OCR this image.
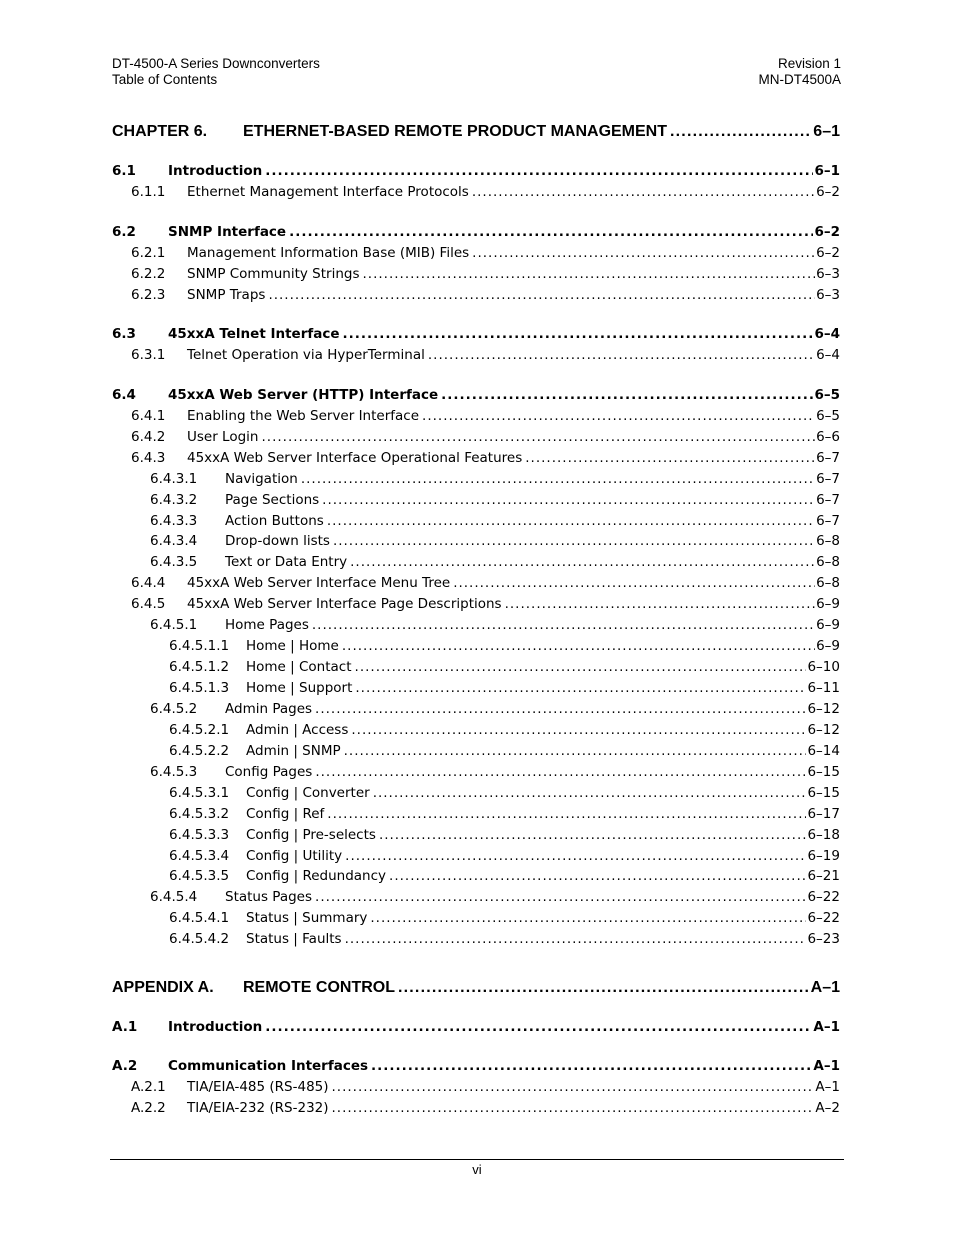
DT-4500-A Series Downconverters
Table of Contents
Revision 1
MN-DT4500A
CHAPTER 6.	ETHERNET-BASED REMOTE PRODUCT MANAGEMENT .....	6–1
6.1	Introduction .....	6–1
6.1.1	Ethernet Management Interface Protocols .....	6–2
6.2	SNMP Interface .....	6–2
6.2.1	Management Information Base (MIB) Files .....	6–2
6.2.2	SNMP Community Strings .....	6–3
6.2.3	SNMP Traps .....	6–3
6.3	45xxA Telnet Interface .....	6–4
6.3.1	Telnet Operation via HyperTerminal .....	6–4
6.4	45xxA Web Server (HTTP) Interface .....	6–5
6.4.1	Enabling the Web Server Interface .....	6–5
6.4.2	User Login .....	6–6
6.4.3	45xxA Web Server Interface Operational Features .....	6–7
6.4.3.1	Navigation .....	6–7
6.4.3.2	Page Sections .....	6–7
6.4.3.3	Action Buttons .....	6–7
6.4.3.4	Drop-down lists .....	6–8
6.4.3.5	Text or Data Entry .....	6–8
6.4.4	45xxA Web Server Interface Menu Tree .....	6–8
6.4.5	45xxA Web Server Interface Page Descriptions .....	6–9
6.4.5.1	Home Pages .....	6–9
6.4.5.1.1	Home | Home .....	6–9
6.4.5.1.2	Home | Contact .....	6–10
6.4.5.1.3	Home | Support .....	6–11
6.4.5.2	Admin Pages .....	6–12
6.4.5.2.1	Admin | Access .....	6–12
6.4.5.2.2	Admin | SNMP .....	6–14
6.4.5.3	Config Pages .....	6–15
6.4.5.3.1	Config | Converter .....	6–15
6.4.5.3.2	Config | Ref .....	6–17
6.4.5.3.3	Config | Pre-selects .....	6–18
6.4.5.3.4	Config | Utility .....	6–19
6.4.5.3.5	Config | Redundancy .....	6–21
6.4.5.4	Status Pages .....	6–22
6.4.5.4.1	Status | Summary .....	6–22
6.4.5.4.2	Status | Faults .....	6–23
APPENDIX A.	REMOTE CONTROL .....	A–1
A.1	Introduction .....	A–1
A.2	Communication Interfaces .....	A–1
A.2.1	TIA/EIA-485 (RS-485) .....	A–1
A.2.2	TIA/EIA-232 (RS-232) .....	A–2
vi
